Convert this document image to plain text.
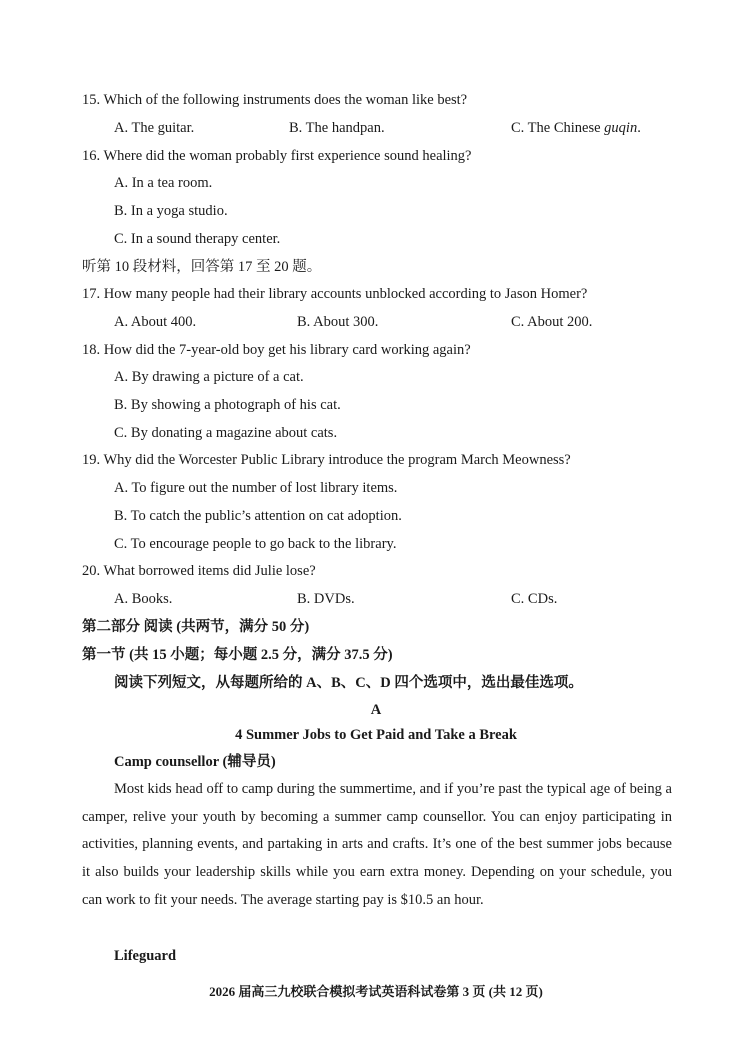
15. Which of the following instruments does the woman like best?
A. The guitar.	B. The handpan.	C. The Chinese guqin.
16. Where did the woman probably first experience sound healing?
A. In a tea room.
B. In a yoga studio.
C. In a sound therapy center.
听第 10 段材料，回答第 17 至 20 题。
17. How many people had their library accounts unblocked according to Jason Homer?
A. About 400.	B. About 300.	C. About 200.
18. How did the 7-year-old boy get his library card working again?
A. By drawing a picture of a cat.
B. By showing a photograph of his cat.
C. By donating a magazine about cats.
19. Why did the Worcester Public Library introduce the program March Meowness?
A. To figure out the number of lost library items.
B. To catch the public’s attention on cat adoption.
C. To encourage people to go back to the library.
20. What borrowed items did Julie lose?
A. Books.	B. DVDs.	C. CDs.
第二部分 阅读 (共两节，满分 50 分)
第一节 (共 15 小题；每小题 2.5 分，满分 37.5 分)
阅读下列短文，从每题所给的 A、B、C、D 四个选项中，选出最佳选项。
A
4 Summer Jobs to Get Paid and Take a Break
Camp counsellor (辅导员)
Most kids head off to camp during the summertime, and if you’re past the typical age of being a camper, relive your youth by becoming a summer camp counsellor. You can enjoy participating in activities, planning events, and partaking in arts and crafts. It’s one of the best summer jobs because it also builds your leadership skills while you earn extra money. Depending on your schedule, you can work to fit your needs. The average starting pay is $10.5 an hour.
Lifeguard
2026 届高三九校联合模拟考试英语科试卷第 3 页 (共 12 页)
